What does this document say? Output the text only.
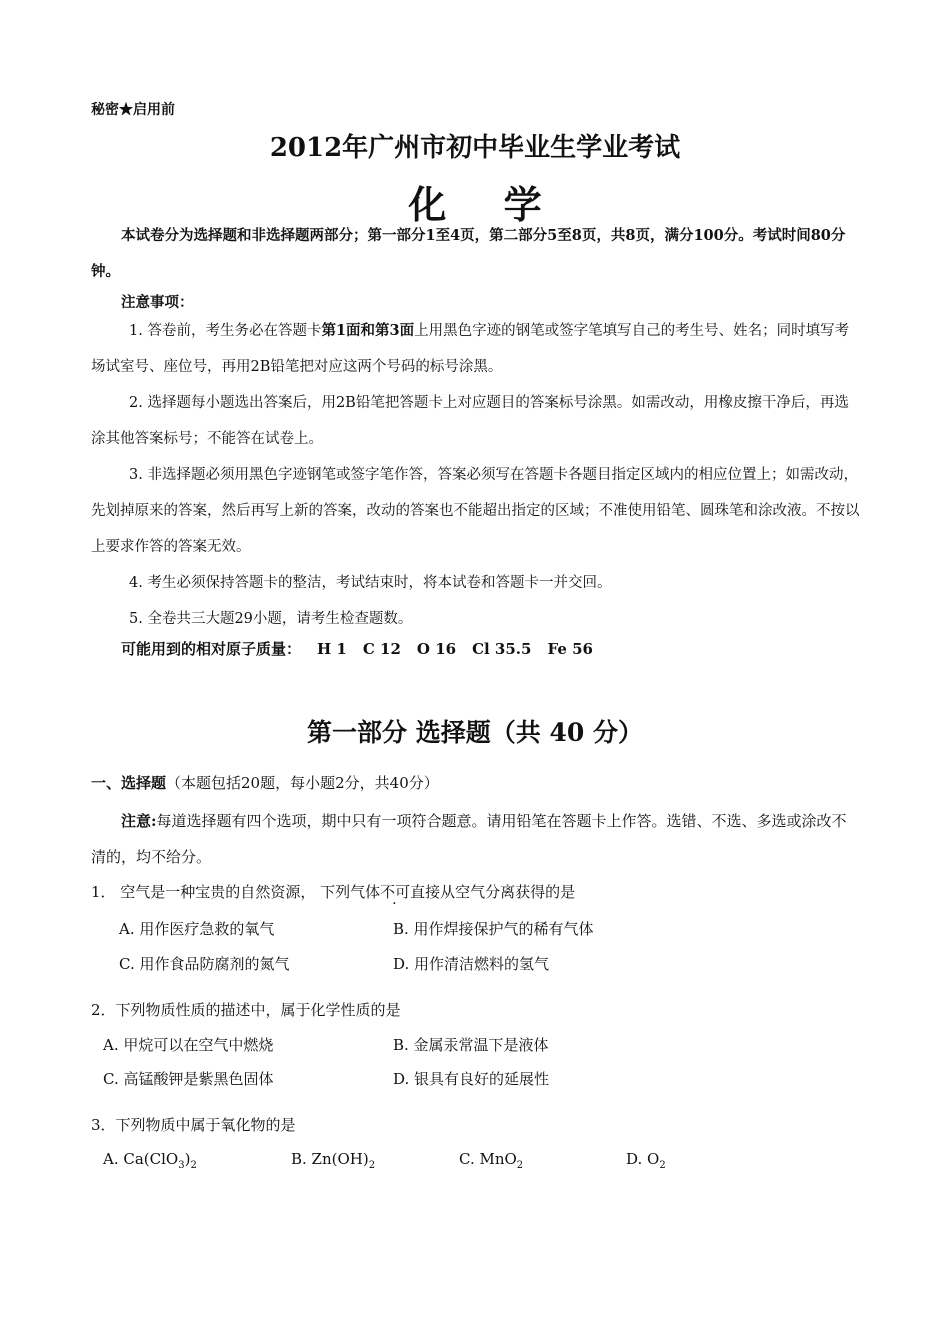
秘密★启用前
2012年广州市初中毕业生学业考试
化 学
本试卷分为选择题和非选择题两部分；第一部分1至4页，第二部分5至8页，共8页，满分100分。考试时间80分钟。
注意事项：

1. 答卷前，考生务必在答题卡第1面和第3面上用黑色字迹的钢笔或签字笔填写自己的考生号、姓名；同时填写考场试室号、座位号，再用2B铅笔把对应这两个号码的标号涂黑。

2. 选择题每小题选出答案后，用2B铅笔把答题卡上对应题目的答案标号涂黑。如需改动，用橡皮擦干净后，再选涂其他答案标号；不能答在试卷上。

3. 非选择题必须用黑色字迹钢笔或签字笔作答，答案必须写在答题卡各题目指定区域内的相应位置上；如需改动，先划掉原来的答案，然后再写上新的答案，改动的答案也不能超出指定的区域；不准使用铅笔、圆珠笔和涂改液。不按以上要求作答的答案无效。

4. 考生必须保持答题卡的整洁，考试结束时，将本试卷和答题卡一并交回。

5. 全卷共三大题29小题，请考生检查题数。

可能用到的相对原子质量： H 1 C 12 O 16 Cl 35.5 Fe 56
第一部分 选择题（共 40 分）
一、选择题（本题包括20题，每小题2分，共40分）
注意:每道选择题有四个选项，期中只有一项符合题意。请用铅笔在答题卡上作答。选错、不选、多选或涂改不清的，均不给分。
1． 空气是一种宝贵的自然资源， 下列气体不可直接从空气分离获得的是
A. 用作医疗急救的氧气	B. 用作焊接保护气的稀有气体
C. 用作食品防腐剂的氮气	D. 用作清洁燃料的氢气
2．下列物质性质的描述中，属于化学性质的是
A. 甲烷可以在空气中燃烧	B. 金属汞常温下是液体
C. 高锰酸钾是紫黑色固体	D. 银具有良好的延展性
3．下列物质中属于氧化物的是
A. $Ca(ClO_3)_2$	B. $Zn(OH)_2$	C. MnO$_2$	D. $O_2$
